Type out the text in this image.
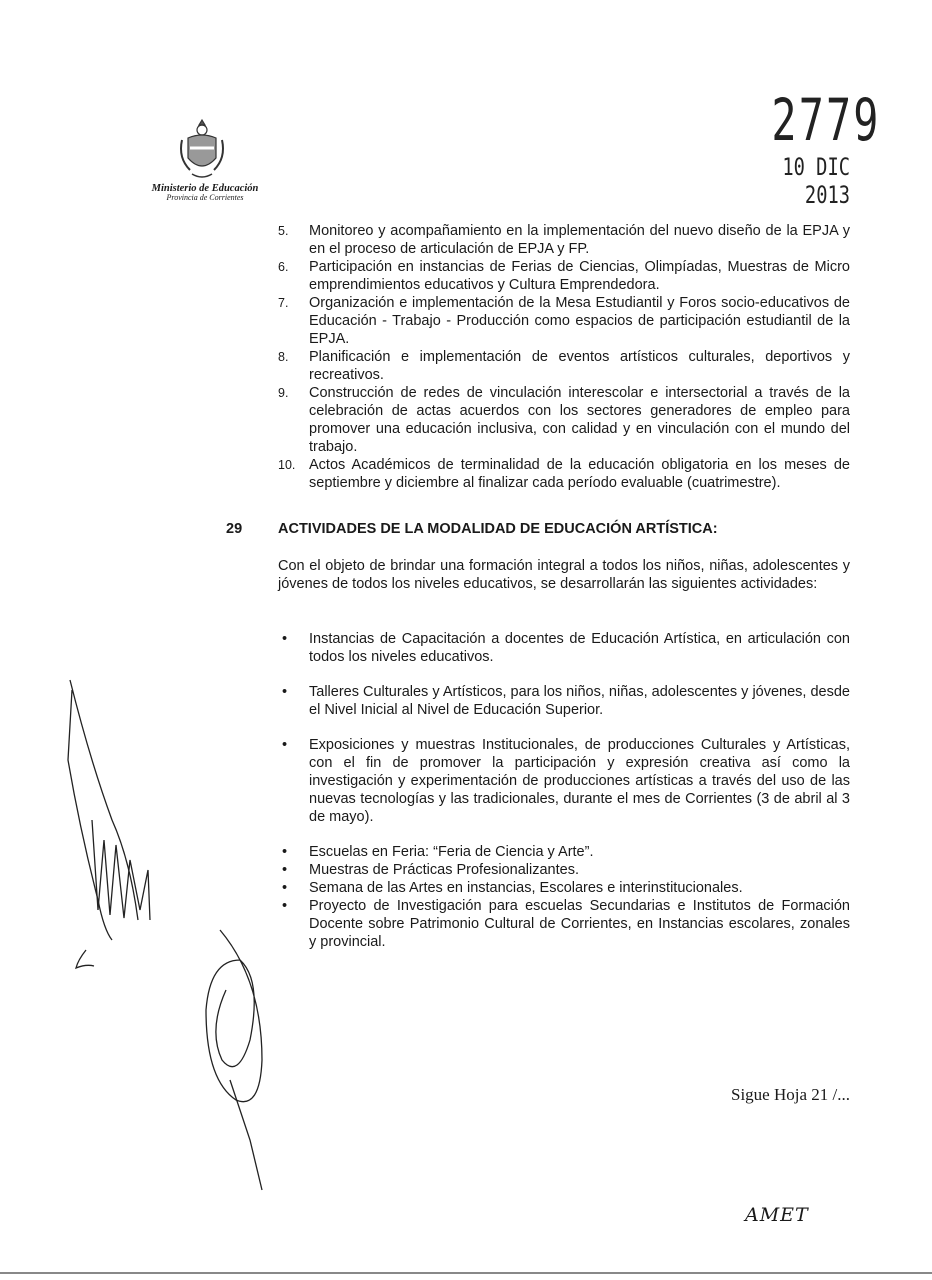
Ministerio de Educación
Provincia de Corrientes
2779
10 DIC 2013
5.	Monitoreo y acompañamiento en la implementación del nuevo diseño de la EPJA y en el proceso de articulación de EPJA y FP.
6.	Participación en instancias de Ferias de Ciencias, Olimpíadas, Muestras de Micro emprendimientos educativos y Cultura Emprendedora.
7.	Organización e implementación de la Mesa Estudiantil y Foros socio-educativos de Educación - Trabajo - Producción como espacios de participación estudiantil de la EPJA.
8.	Planificación e implementación de eventos artísticos culturales, deportivos y recreativos.
9.	Construcción de redes de vinculación interescolar e intersectorial a través de la celebración de actas acuerdos con los sectores generadores de empleo para promover una educación inclusiva, con calidad y en vinculación con el mundo del trabajo.
10. Actos Académicos de terminalidad de la educación obligatoria en los meses de septiembre y diciembre al finalizar cada período evaluable (cuatrimestre).
29 ACTIVIDADES DE LA MODALIDAD DE EDUCACIÓN ARTÍSTICA:
Con el objeto de brindar una formación integral a todos los niños, niñas, adolescentes y jóvenes de todos los niveles educativos, se desarrollarán las siguientes actividades:
•	Instancias de Capacitación a docentes de Educación Artística, en articulación con todos los niveles educativos.
•	Talleres Culturales y Artísticos, para los niños, niñas, adolescentes y jóvenes, desde el Nivel Inicial al Nivel de Educación Superior.
•	Exposiciones y muestras Institucionales, de producciones Culturales y Artísticas, con el fin de promover la participación y expresión creativa así como la investigación y experimentación de producciones artísticas a través del uso de las nuevas tecnologías y las tradicionales, durante el mes de Corrientes (3 de abril al 3 de mayo).
•	Escuelas en Feria: “Feria de Ciencia y Arte”.
•	Muestras de Prácticas Profesionalizantes.
•	Semana de las Artes en instancias, Escolares e interinstitucionales.
•	Proyecto de Investigación para escuelas Secundarias e Institutos de Formación Docente sobre Patrimonio Cultural de Corrientes, en Instancias escolares, zonales y provincial.
Sigue Hoja 21 /...
AMET
